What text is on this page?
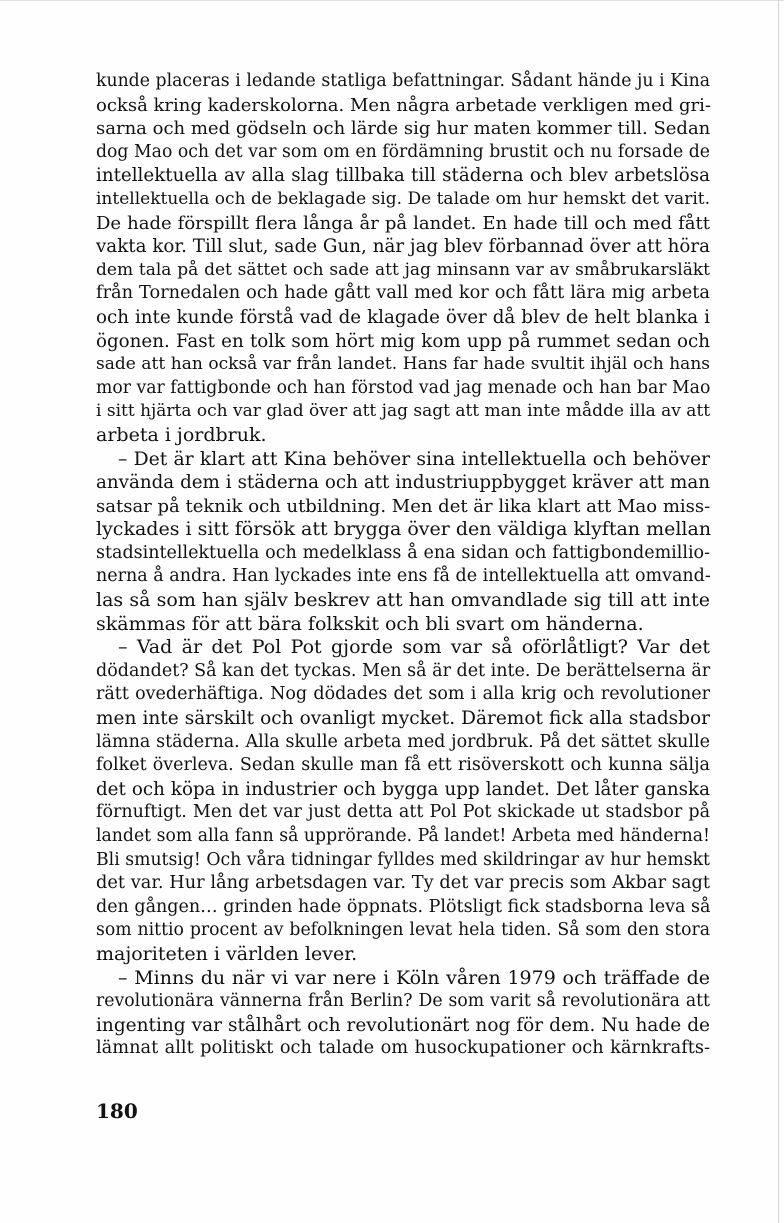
kunde placeras i ledande statliga befattningar. Sådant hände ju i Kina
också kring kaderskolorna. Men några arbetade verkligen med gri-
sarna och med gödseln och lärde sig hur maten kommer till. Sedan
dog Mao och det var som om en fördämning brustit och nu forsade de
intellektuella av alla slag tillbaka till städerna och blev arbetslösa
intellektuella och de beklagade sig. De talade om hur hemskt det varit.
De hade förspillt flera långa år på landet. En hade till och med fått
vakta kor. Till slut, sade Gun, när jag blev förbannad över att höra
dem tala på det sättet och sade att jag minsann var av småbrukarsläkt
från Tornedalen och hade gått vall med kor och fått lära mig arbeta
och inte kunde förstå vad de klagade över då blev de helt blanka i
ögonen. Fast en tolk som hört mig kom upp på rummet sedan och
sade att han också var från landet. Hans far hade svultit ihjäl och hans
mor var fattigbonde och han förstod vad jag menade och han bar Mao
i sitt hjärta och var glad över att jag sagt att man inte mådde illa av att
arbeta i jordbruk.
– Det är klart att Kina behöver sina intellektuella och behöver
använda dem i städerna och att industriuppbygget kräver att man
satsar på teknik och utbildning. Men det är lika klart att Mao miss-
lyckades i sitt försök att brygga över den väldiga klyftan mellan
stadsintellektuella och medelklass å ena sidan och fattigbondemillio-
nerna å andra. Han lyckades inte ens få de intellektuella att omvand-
las så som han själv beskrev att han omvandlade sig till att inte
skämmas för att bära folkskit och bli svart om händerna.
– Vad är det Pol Pot gjorde som var så oförlåtligt? Var det
dödandet? Så kan det tyckas. Men så är det inte. De berättelserna är
rätt ovederhäftiga. Nog dödades det som i alla krig och revolutioner
men inte särskilt och ovanligt mycket. Däremot fick alla stadsbor
lämna städerna. Alla skulle arbeta med jordbruk. På det sättet skulle
folket överleva. Sedan skulle man få ett risöverskott och kunna sälja
det och köpa in industrier och bygga upp landet. Det låter ganska
förnuftigt. Men det var just detta att Pol Pot skickade ut stadsbor på
landet som alla fann så upprörande. På landet! Arbeta med händerna!
Bli smutsig! Och våra tidningar fylldes med skildringar av hur hemskt
det var. Hur lång arbetsdagen var. Ty det var precis som Akbar sagt
den gången… grinden hade öppnats. Plötsligt fick stadsborna leva så
som nittio procent av befolkningen levat hela tiden. Så som den stora
majoriteten i världen lever.
– Minns du när vi var nere i Köln våren 1979 och träffade de
revolutionära vännerna från Berlin? De som varit så revolutionära att
ingenting var stålhårt och revolutionärt nog för dem. Nu hade de
lämnat allt politiskt och talade om husockupationer och kärnkrafts-
180
